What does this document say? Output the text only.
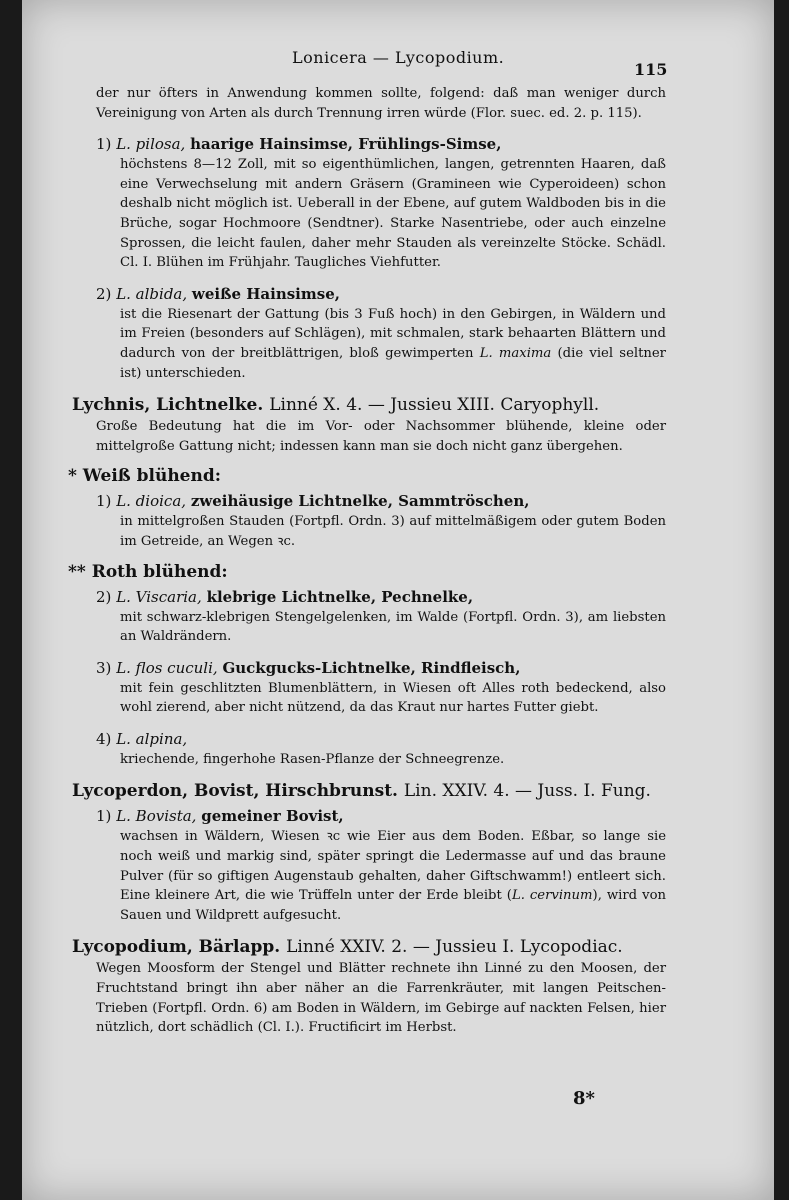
Lonicera — Lycopodium.
115

der nur öfters in Anwendung kommen sollte, folgend: daß man weniger durch Vereinigung von Arten als durch Trennung irren würde (Flor. suec. ed. 2. p. 115).

1) L. pilosa, haarige Hainsimse, Frühlings-Simse,

höchstens 8—12 Zoll, mit so eigenthümlichen, langen, getrennten Haaren, daß eine Verwechselung mit andern Gräsern (Gramineen wie Cyperoideen) schon deshalb nicht möglich ist. Ueberall in der Ebene, auf gutem Waldboden bis in die Brüche, sogar Hochmoore (Sendtner). Starke Nasentriebe, oder auch einzelne Sprossen, die leicht faulen, daher mehr Stauden als vereinzelte Stöcke. Schädl. Cl. I. Blühen im Frühjahr. Taugliches Viehfutter.

2) L. albida, weiße Hainsimse,

ist die Riesenart der Gattung (bis 3 Fuß hoch) in den Gebirgen, in Wäldern und im Freien (besonders auf Schlägen), mit schmalen, stark behaarten Blättern und dadurch von der breitblättrigen, bloß gewimperten L. maxima (die viel seltner ist) unterschieden.

Lychnis, Lichtnelke. Linné X. 4. — Jussieu XIII. Caryophyll.

Große Bedeutung hat die im Vor- oder Nachsommer blühende, kleine oder mittelgroße Gattung nicht; indessen kann man sie doch nicht ganz übergehen.

* Weiß blühend:
1) L. dioica, zweihäusige Lichtnelke, Sammtröschen,

in mittelgroßen Stauden (Fortpfl. Ordn. 3) auf mittelmäßigem oder gutem Boden im Getreide, an Wegen ꝛc.

** Roth blühend:
2) L. Viscaria, klebrige Lichtnelke, Pechnelke,

mit schwarz-klebrigen Stengelgelenken, im Walde (Fortpfl. Ordn. 3), am liebsten an Waldrändern.

3) L. flos cuculi, Guckgucks-Lichtnelke, Rindfleisch,

mit fein geschlitzten Blumenblättern, in Wiesen oft Alles roth bedeckend, also wohl zierend, aber nicht nützend, da das Kraut nur hartes Futter giebt.

4) L. alpina,

kriechende, fingerhohe Rasen-Pflanze der Schneegrenze.

Lycoperdon, Bovist, Hirschbrunst. Lin. XXIV. 4. — Juss. I. Fung.
1) L. Bovista, gemeiner Bovist,

wachsen in Wäldern, Wiesen ꝛc wie Eier aus dem Boden. Eßbar, so lange sie noch weiß und markig sind, später springt die Ledermasse auf und das braune Pulver (für so giftigen Augenstaub gehalten, daher Giftschwamm!) entleert sich. Eine kleinere Art, die wie Trüffeln unter der Erde bleibt (L. cervinum), wird von Sauen und Wildprett aufgesucht.

Lycopodium, Bärlapp. Linné XXIV. 2. — Jussieu I. Lycopodiac.

Wegen Moosform der Stengel und Blätter rechnete ihn Linné zu den Moosen, der Fruchtstand bringt ihn aber näher an die Farrenkräuter, mit langen Peitschen-Trieben (Fortpfl. Ordn. 6) am Boden in Wäldern, im Gebirge auf nackten Felsen, hier nützlich, dort schädlich (Cl. I.). Fructificirt im Herbst.

8*
